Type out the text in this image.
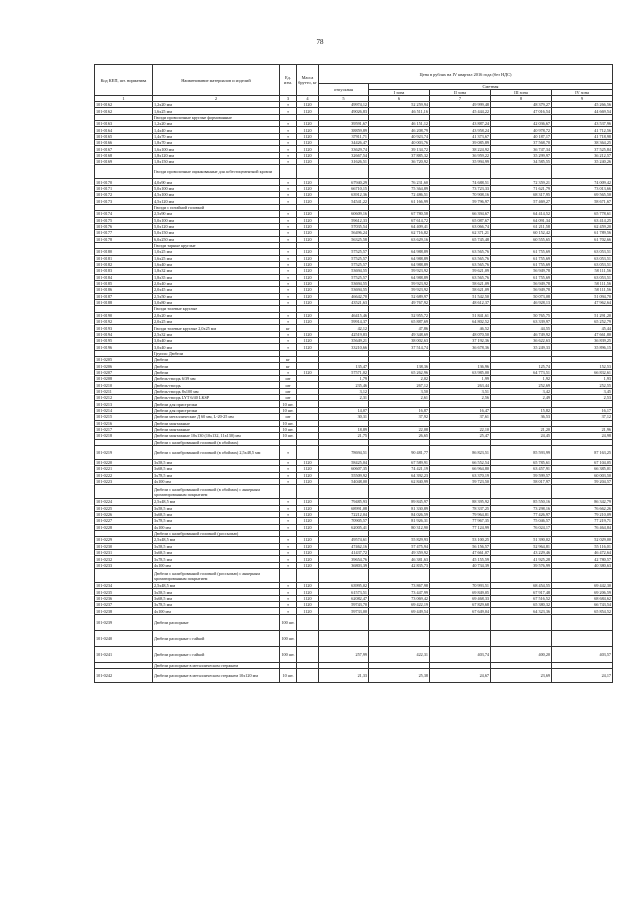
78
Код КЕП, шт. норматива	Наименование материалов и изделий	Ед. изм.	Масса брутто, кг	Цена в рублях на IV квартал 2016 года (без НДС)				
				отпускная	Сметная			
					I зона	II зона	III зона	IV зона
1	2	3	4	5	6	7	8	9
101-0162	1,2х20 мм	т	1120	49974,12	52 259,94	49 999,48	48 379,27	45 266,56
101-0162	1,6х25 мм	т	1120	49026,83	46 511,16	45 444,22	47 016,54	44 669,54
	Гвозди проволочные круглые формованные							
101-0163	1,2х20 мм	т	1120	39591,67	46 151,12	43 887,24	42 036,67	43 537,96
101-0164	1,4х40 мм	т	1120	38859,89	46 208,79	43 958,24	40 978,72	41 712,56
101-0165	1,4х70 мм	т	1120	37911,71	40 923,74	41 373,67	40 187,17	41 718,98
101-0166	1,8х70 мм	т	1120	34426,47	40 003,76	39 085,89	37 568,70	38 364,25
101-0167	1,6х100 мм	т	1120	33629,74	39 134,72	38 224,92	36 747,34	37 525,84
101-0168	1,8х120 мм	т	1120	32667,54	37 885,32	36 959,22	35 299,97	36 212,57
101-0169	1,8х150 мм	т	1120	31626,51	36 720,92	35 994,99	34 585,55	35 240,26
	Гвозди проволочные оцинкованные для асбестоцементной кровли							
101-0170	4,0х90 мм	т	1120	67940,29	76 231,60	74 688,51	72 359,21	74 009,42
101-0171	5,0х100 мм	т	1120	66710,15	75 364,89	73 723,33	71 621,79	73 013,66
101-0172	4,5х100 мм	т	1120	63912,36	72 486,51	70 908,16	68 317,95	69 565,50
101-0173	4,5х120 мм	т	1120	54541,22	61 166,99	59 796,97	57 469,27	58 671,67
	Гвозди с потайной головкой							
101-0174	2,5х90 мм	т	1120	60609,16	67 780,58	66 394,67	64 414,52	65 778,61
101-0175	5,0х100 мм	т	1120	59612,33	67 614,72	65 087,67	64 091,34	63 414,25
101-0176	5,0х120 мм	т	1120	57035,54	64 409,41	63 066,74	61 211,58	62 459,20
101-0177	5,0х150 мм	т	1120	56496,24	62 716,82	62 371,21	60 152,42	61 789,56
101-0178	6,0х250 мм	т	1120	56325,58	63 629,16	65 745,48	60 555,65	61 702,66
	Гвозди тарные круглые							
101-0180	1,0х25 мм	т	1120	57525,57	64 988,89	63 565,76	61 755,69	63 053,51
101-0181	1,6х25 мм	т	1120	57525,57	64 988,89	63 565,76	61 755,69	63 053,51
101-0182	1,6х40 мм	т	1120	57525,57	64 988,89	63 565,76	61 755,69	63 053,51
101-0183	1,8х32 мм	т	1120	53694,55	59 923,92	59 621,09	56 949,78	58 111,56
101-0184	1,8х35 мм	т	1120	57525,57	64 988,89	63 565,76	61 755,69	63 053,51
101-0185	2,0х40 мм	т	1120	53694,55	59 923,92	58 621,09	56 949,78	58 111,56
101-0186	2,0х45 мм	т	1120	53694,55	59 923,92	58 621,09	56 949,78	58 111,56
101-0187	2,5х50 мм	т	1120	46642,70	52 689,97	51 542,50	50 073,08	51 094,70
101-0188	3,0х80 мм	т	1120	43521,63	49 767,92	48 612,37	46 928,13	47 962,64
	Гвозди толевые круглые							
101-0190	2,0х20 мм	т	1120	46415,46	52 955,72	51 841,61	50 765,75	51 291,20
101-0192	2,0х25 мм	т	1120	59914,37	65 887,69	64 802,52	63 339,97	65 252,79
101-0193	Гвозди толевые круглые 2,0х25 мм	кг		42,12	47,86	46,52	44,55	45,44
101-0194	2,5х32 мм	т	1120	42519,83	49 348,69	48 070,50	46 749,92	47 661,80
101-0195	3,0х40 мм	т	1120	35649,21	38 002,63	37 192,36	36 622,63	36 839,25
101-0196	3,0х40 мм	т	1120	33210,66	37 514,74	36 678,36	35 249,33	35 896,15
	Группа: Дюбели							
101-0205	Дюбели	кг						
101-0206	Дюбели	кг		135,47	138,36	136,96	125,74	152,53
101-0207	Дюбели	т	1120	57571,02	65 262,96	63 985,00	64 773,51	66 832,61
101-0208	Дюбель-гвоздь 6/39 мм	шт		1,79	2,02	1,99	1,92	1,93
101-0210	Дюбель-гвоздь	шт		235,46	267,12	263,44	252,69	252,55
101-0211	Дюбель-гвоздь 8х100 мм	шт		3,12	3,50	3,51	3,42	3,45
101-0212	Дюбель-гвоздь LYT 6/40 LKSP	шт		2,31	2,61	2,56	2,49	2,53
101-0213	Дюбели для пристрелки	10 шт.						
101-0214	Дюбели для пристрелки	10 шт.		14,07	16,87	16,47	15,82	16,17
101-0215	Дюбели металлические Д 60 мм, L-20-25 мм	шт		30,31	37,92	37,61	36,53	37,12
101-0216	Дюбели монтажные	10 шт.						
101-0217	Дюбели монтажные	10 шт.		18,89	22,08	22,10	21,20	21,96
101-0218	Дюбели монтажные 10х130 (10х132, 11х130) мм	10 шт.		21,75	26,65	25,47	24,45	24,98
	Дюбели с калиброванной головкой (в обоймах)							
101-0219	Дюбели с калиброванной головкой (в обоймах) 2,5х48,5 мм	т		78694,51	90 481,77	86 823,51	85 593,99	87 163,25
101-0220	3х58,5 мм	т	1120	58425,04	67 589,91	66 552,54	65 785,61	67 104,05
101-0221	3х68,5 мм	т	1120	60607,35	74 421,19	66 964,80	63 457,91	66 385,01
101-0222	3х78,5 мм	т	1120	55509,92	64 392,23	63 370,19	59 599,57	60 003,50
101-0223	4х100 мм	т	1120	54048,00	62 840,99	59 723,50	58 017,97	59 204,57
	Дюбели с калиброванной головкой (в обоймах) с анкерным хроматированным покрытием							
101-0224	2,5х48,5 мм	т	1120	79485,93	89 845,97	88 395,92	85 550,16	86 342,79
101-0225	3х58,5 мм	т	1120	68991,08	81 330,89	78 337,25	73 298,16	76 662,26
101-0226	3х68,5 мм	т	1120	72212,04	84 026,59	79 964,81	77 426,97	79 210,09
101-0227	3х78,5 мм	т	1120	70905,57	81 926,31	77 967,35	75 046,57	77 219,71
101-0228	4х100 мм	т	1120	62005,41	80 312,90	77 124,99	76 024,17	76 464,84
	Дюбели с калиброванной головкой (россыпью)							
101-0229	2,5х48,5 мм	т	1120	49574,61	55 829,93	53 100,25	51 390,02	52 029,00
101-0230	3х58,5 мм	т	1120	47462,16	57 475,94	56 156,57	52 964,81	55 116,01
101-0231	3х68,5 мм	т	1120	41437,72	49 359,92	47 661,07	43 229,46	46 472,64
101-0232	3х78,5 мм	т	1120	39654,76	46 381,63	45 155,59	41 925,28	42 780,57
101-0233	4х100 мм	т	1120	36803,39	42 835,73	40 734,39	39 576,99	40 380,63
	Дюбели с калиброванной головкой (россыпью) с анкерным хроматированным покрытием							
101-0234	2,5х48,5 мм	т	1120	63995,02	73 867,98	70 993,51	68 454,55	69 442,30
101-0235	3х58,5 мм	т	1120	61573,51	73 447,99	69 849,05	67 917,48	69 206,59
101-0236	3х68,5 мм	т	1120	62082,47	73 069,42	69 468,33	67 516,52	68 684,62
101-0237	3х78,5 мм	т	1120	59743,70	69 422,19	67 829,68	65 380,32	66 743,54
101-0238	4х100 мм	т	1120	59733,00	69 449,54	67 649,04	64 323,36	65 854,52
101-0239	Дюбели распорные	100 шт.						
101-0240	Дюбели распорные с гайкой	100 шт.						
101-0241	Дюбели распорные с гайкой	100 шт.		257,99	422,31	403,74	400,20	403,57
	Дюбели распорные в металлическом стержнем							
101-0242	Дюбели распорные в металлическом стержнем 10х120 мм	10 шт.		21,33	25,38	24,67	23,69	24,17
